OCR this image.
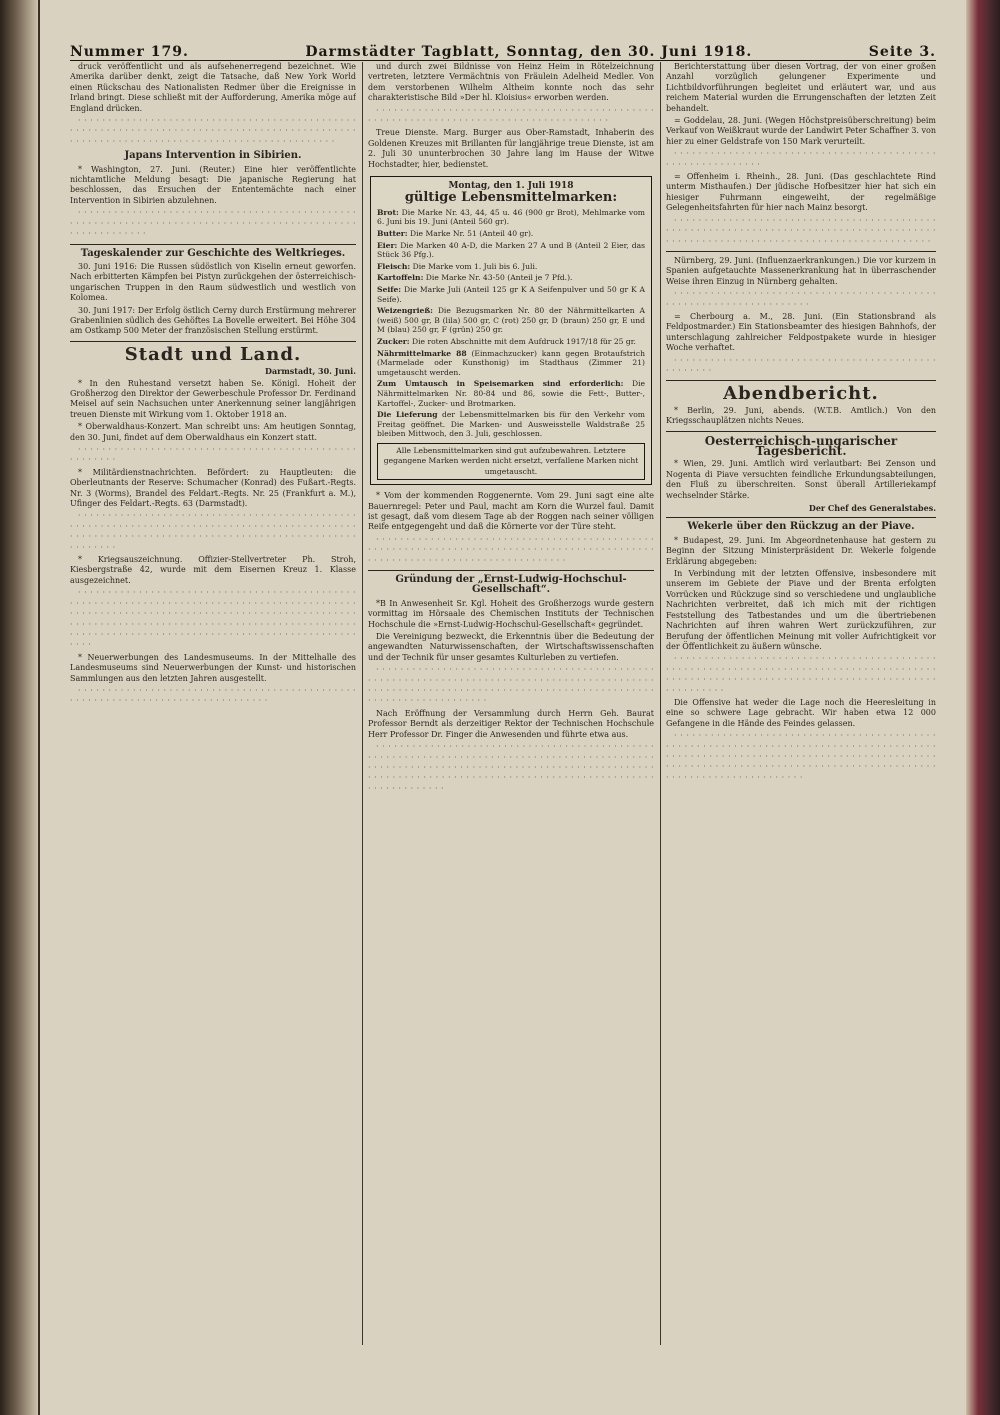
Nummer 179.	Darmstädter Tagblatt, Sonntag, den 30. Juni 1918.	Seite 3.

druck veröffentlicht und als aufsehenerregend bezeichnet. Wie Amerika darüber denkt, zeigt die Tatsache, daß New York World einen Rückschau des Nationalisten Redmer über die Ereignisse in Irland bringt. Diese schließt mit der Aufforderung, Amerika möge auf England drücken.

· · · · · · · · · · · · · · · · · · · · · · · · · · · · · · · · · · · · · · · · · · · · · · · · · · · · · · · · · · · · · · · · · · · · · · · · · · · · · · · · · · · · · · · · · · · · · · · · · · · · · · · · · · · · · · · · · · · · · · · · · · · · · · · · · · · · · · · · ·

Japans Intervention in Sibirien.

* Washington, 27. Juni. (Reuter.) Eine hier veröffentlichte nichtamtliche Meldung besagt: Die japanische Regierung hat beschlossen, das Ersuchen der Ententemächte nach einer Intervention in Sibirien abzulehnen.

· · · · · · · · · · · · · · · · · · · · · · · · · · · · · · · · · · · · · · · · · · · · · · · · · · · · · · · · · · · · · · · · · · · · · · · · · · · · · · · · · · · · · · · · · · · · · · · · · · · · · · · · · ·

Tageskalender zur Geschichte des Weltkrieges.

30. Juni 1916: Die Russen südöstlich von Kiselin erneut geworfen. Nach erbitterten Kämpfen bei Pistyn zurückgehen der österreichisch-ungarischen Truppen in den Raum südwestlich und westlich von Kolomea.

30. Juni 1917: Der Erfolg östlich Cerny durch Erstürmung mehrerer Grabenlinien südlich des Gehöftes La Bovelle erweitert. Bei Höhe 304 am Ostkamp 500 Meter der französischen Stellung erstürmt.

Stadt und Land.
Darmstadt, 30. Juni.

* In den Ruhestand versetzt haben Se. Königl. Hoheit der Großherzog den Direktor der Gewerbeschule Professor Dr. Ferdinand Meisel auf sein Nachsuchen unter Anerkennung seiner langjährigen treuen Dienste mit Wirkung vom 1. Oktober 1918 an.

* Oberwaldhaus-Konzert. Man schreibt uns: Am heutigen Sonntag, den 30. Juni, findet auf dem Oberwaldhaus ein Konzert statt.

· · · · · · · · · · · · · · · · · · · · · · · · · · · · · · · · · · · · · · · · · · · · · · · · · · · · · ·

* Militärdienstnachrichten. Befördert: zu Hauptleuten: die Oberleutnants der Reserve: Schumacher (Konrad) des Fußart.-Regts. Nr. 3 (Worms), Brandel des Feldart.-Regts. Nr. 25 (Frankfurt a. M.), Ufinger des Feldart.-Regts. 63 (Darmstadt).

· · · · · · · · · · · · · · · · · · · · · · · · · · · · · · · · · · · · · · · · · · · · · · · · · · · · · · · · · · · · · · · · · · · · · · · · · · · · · · · · · · · · · · · · · · · · · · · · · · · · · · · · · · · · · · · · · · · · · · · · · · · · · · · · · · · · · · · · · · · · · · · · · · · ·

* Kriegsauszeichnung. Offizier-Stellvertreter Ph. Stroh, Kiesbergstraße 42, wurde mit dem Eisernen Kreuz 1. Klasse ausgezeichnet.

· · · · · · · · · · · · · · · · · · · · · · · · · · · · · · · · · · · · · · · · · · · · · · · · · · · · · · · · · · · · · · · · · · · · · · · · · · · · · · · · · · · · · · · · · · · · · · · · · · · · · · · · · · · · · · · · · · · · · · · · · · · · · · · · · · · · · · · · · · · · · · · · · · · · · · · · · · · · · · · · · · · · · · · · · · · · · · · · · · · · · · · · · · · · · · · · · · · · · · · · · · · · · · · · · · · · · · · · · · · · · · · · · · · · · · · · · · · · · ·

* Neuerwerbungen des Landesmuseums. In der Mittelhalle des Landesmuseums sind Neuerwerbungen der Kunst- und historischen Sammlungen aus den letzten Jahren ausgestellt.

· · · · · · · · · · · · · · · · · · · · · · · · · · · · · · · · · · · · · · · · · · · · · · · · · · · · · · · · · · · · · · · · · · · · · · · · · · · · · · ·

und durch zwei Bildnisse von Heinz Heim in Rötelzeichnung vertreten, letztere Vermächtnis von Fräulein Adelheid Medler. Von dem verstorbenen Wilhelm Altheim konnte noch das sehr charakteristische Bild »Der hl. Kloisius« erworben werden.

· · · · · · · · · · · · · · · · · · · · · · · · · · · · · · · · · · · · · · · · · · · · · · · · · · · · · · · · · · · · · · · · · · · · · · · · · · · · · · · · · · · · · ·

Treue Dienste. Marg. Burger aus Ober-Ramstadt, Inhaberin des Goldenen Kreuzes mit Brillanten für langjährige treue Dienste, ist am 2. Juli 30 ununterbrochen 30 Jahre lang im Hause der Witwe Hochstadter, hier, bedienstet.

Montag, den 1. Juli 1918
gültige Lebensmittelmarken:

Brot: Die Marke Nr. 43, 44, 45 u. 46 (900 gr Brot), Mehlmarke vom 6. Juni bis 19. Juni (Anteil 560 gr).

Butter: Die Marke Nr. 51 (Anteil 40 gr).

Eier: Die Marken 40 A-D, die Marken 27 A und B (Anteil 2 Eier, das Stück 36 Pfg.).

Fleisch: Die Marke vom 1. Juli bis 6. Juli.

Kartoffeln: Die Marke Nr. 43-50 (Anteil je 7 Pfd.).

Seife: Die Marke Juli (Anteil 125 gr K A Seifenpulver und 50 gr K A Seife).

Weizengrieß: Die Bezugsmarken Nr. 80 der Nährmittelkarten A (weiß) 500 gr, B (lila) 500 gr, C (rot) 250 gr, D (braun) 250 gr, E und M (blau) 250 gr, F (grün) 250 gr.

Zucker: Die roten Abschnitte mit dem Aufdruck 1917/18 für 25 gr.

Nährmittelmarke 88 (Einmachzucker) kann gegen Brotaufstrich (Marmelade oder Kunsthonig) im Stadthaus (Zimmer 21) umgetauscht werden.

Zum Umtausch in Speisemarken sind erforderlich: Die Nährmittelmarken Nr. 80-84 und 86, sowie die Fett-, Butter-, Kartoffel-, Zucker- und Brotmarken.

Die Lieferung der Lebensmittelmarken bis für den Verkehr vom Freitag geöffnet. Die Marken- und Ausweisstelle Waldstraße 25 bleiben Mittwoch, den 3. Juli, geschlossen.

Alle Lebensmittelmarken sind gut aufzubewahren. Letztere gegangene Marken werden nicht ersetzt, verfallene Marken nicht umgetauscht.

* Vom der kommenden Roggenernte. Vom 29. Juni sagt eine alte Bauernregel: Peter und Paul, macht am Korn die Wurzel faul. Damit ist gesagt, daß vom diesem Tage ab der Roggen nach seiner völligen Reife entgegengeht und daß die Körnerte vor der Türe steht.

· · · · · · · · · · · · · · · · · · · · · · · · · · · · · · · · · · · · · · · · · · · · · · · · · · · · · · · · · · · · · · · · · · · · · · · · · · · · · · · · · · · · · · · · · · · · · · · · · · · · · · · · · · · · · · · · · · · · · · · · · · · · · ·

Gründung der „Ernst-Ludwig-Hochschul-Gesellschaft“.

*B In Anwesenheit Sr. Kgl. Hoheit des Großherzogs wurde gestern vormittag im Hörsaale des Chemischen Instituts der Technischen Hochschule die »Ernst-Ludwig-Hochschul-Gesellschaft« gegründet.

Die Vereinigung bezweckt, die Erkenntnis über die Bedeutung der angewandten Naturwissenschaften, der Wirtschaftswissenschaften und der Technik für unser gesamtes Kulturleben zu vertiefen.

· · · · · · · · · · · · · · · · · · · · · · · · · · · · · · · · · · · · · · · · · · · · · · · · · · · · · · · · · · · · · · · · · · · · · · · · · · · · · · · · · · · · · · · · · · · · · · · · · · · · · · · · · · · · · · · · · · · · · · · · · · · · · · · · · · · · · · · · · · · · · · · · · · · · · · · · · · · · · · · ·

Nach Eröffnung der Versammlung durch Herrn Geh. Baurat Professor Berndt als derzeitiger Rektor der Technischen Hochschule Herr Professor Dr. Finger die Anwesenden und führte etwa aus.

· · · · · · · · · · · · · · · · · · · · · · · · · · · · · · · · · · · · · · · · · · · · · · · · · · · · · · · · · · · · · · · · · · · · · · · · · · · · · · · · · · · · · · · · · · · · · · · · · · · · · · · · · · · · · · · · · · · · · · · · · · · · · · · · · · · · · · · · · · · · · · · · · · · · · · · · · · · · · · · · · · · · · · · · · · · · · · · · · · · · · · · · · · · · · · · · · · · · · · · ·

Berichterstattung über diesen Vortrag, der von einer großen Anzahl vorzüglich gelungener Experimente und Lichtbildvorführungen begleitet und erläutert war, und aus reichem Material wurden die Errungenschaften der letzten Zeit behandelt.

= Goddelau, 28. Juni. (Wegen Höchstpreisüberschreitung) beim Verkauf von Weißkraut wurde der Landwirt Peter Schaffner 3. von hier zu einer Geldstrafe von 150 Mark verurteilt.

· · · · · · · · · · · · · · · · · · · · · · · · · · · · · · · · · · · · · · · · · · · · · · · · · · · · · · · · · · ·

= Offenheim i. Rheinh., 28. Juni. (Das geschlachtete Rind unterm Misthaufen.) Der jüdische Hofbesitzer hier hat sich ein hiesiger Fuhrmann eingeweiht, der regelmäßige Gelegenheitsfahrten für hier nach Mainz besorgt.

· · · · · · · · · · · · · · · · · · · · · · · · · · · · · · · · · · · · · · · · · · · · · · · · · · · · · · · · · · · · · · · · · · · · · · · · · · · · · · · · · · · · · · · · · · · · · · · · · · · · · · · · · · · · · · · · · · · · · · · · · · · · · · · · · · ·

Nürnberg, 29. Juni. (Influenzaerkrankungen.) Die vor kurzem in Spanien aufgetauchte Massenerkrankung hat in überraschender Weise ihren Einzug in Nürnberg gehalten.

· · · · · · · · · · · · · · · · · · · · · · · · · · · · · · · · · · · · · · · · · · · · · · · · · · · · · · · · · · · · · · · · · · ·

= Cherbourg a. M., 28. Juni. (Ein Stationsbrand als Feldpostmarder.) Ein Stationsbeamter des hiesigen Bahnhofs, der unterschlagung zahlreicher Feldpostpakete wurde in hiesiger Woche verhaftet.

· · · · · · · · · · · · · · · · · · · · · · · · · · · · · · · · · · · · · · · · · · · · · · · · · · ·

Abendbericht.

* Berlin, 29. Juni, abends. (W.T.B. Amtlich.) Von den Kriegsschauplätzen nichts Neues.

Oesterreichisch-ungarischer Tagesbericht.

* Wien, 29. Juni. Amtlich wird verlautbart: Bei Zenson und Nogenta di Piave versuchten feindliche Erkundungsabteilungen, den Fluß zu überschreiten. Sonst überall Artilleriekampf wechselnder Stärke.

Der Chef des Generalstabes.
Wekerle über den Rückzug an der Piave.

* Budapest, 29. Juni. Im Abgeordnetenhause hat gestern zu Beginn der Sitzung Ministerpräsident Dr. Wekerle folgende Erklärung abgegeben:

In Verbindung mit der letzten Offensive, insbesondere mit unserem im Gebiete der Piave und der Brenta erfolgten Vorrücken und Rückzuge sind so verschiedene und unglaubliche Nachrichten verbreitet, daß ich mich mit der richtigen Feststellung des Tatbestandes und um die übertriebenen Nachrichten auf ihren wahren Wert zurückzuführen, zur Berufung der öffentlichen Meinung mit voller Aufrichtigkeit vor der Öffentlichkeit zu äußern wünsche.

· · · · · · · · · · · · · · · · · · · · · · · · · · · · · · · · · · · · · · · · · · · · · · · · · · · · · · · · · · · · · · · · · · · · · · · · · · · · · · · · · · · · · · · · · · · · · · · · · · · · · · · · · · · · · · · · · · · · · · · · · · · · · · · · · · · · · · · · · · · · ·

Die Offensive hat weder die Lage noch die Heeresleitung in eine so schwere Lage gebracht. Wir haben etwa 12 000 Gefangene in die Hände des Feindes gelassen.

· · · · · · · · · · · · · · · · · · · · · · · · · · · · · · · · · · · · · · · · · · · · · · · · · · · · · · · · · · · · · · · · · · · · · · · · · · · · · · · · · · · · · · · · · · · · · · · · · · · · · · · · · · · · · · · · · · · · · · · · · · · · · · · · · · · · · · · · · · · · · · · · · · · · · · · · · · · · · · · · · · · · · · · · · · · · · · · · · · · · · · · · · · · · · · · · · · · · · ·
